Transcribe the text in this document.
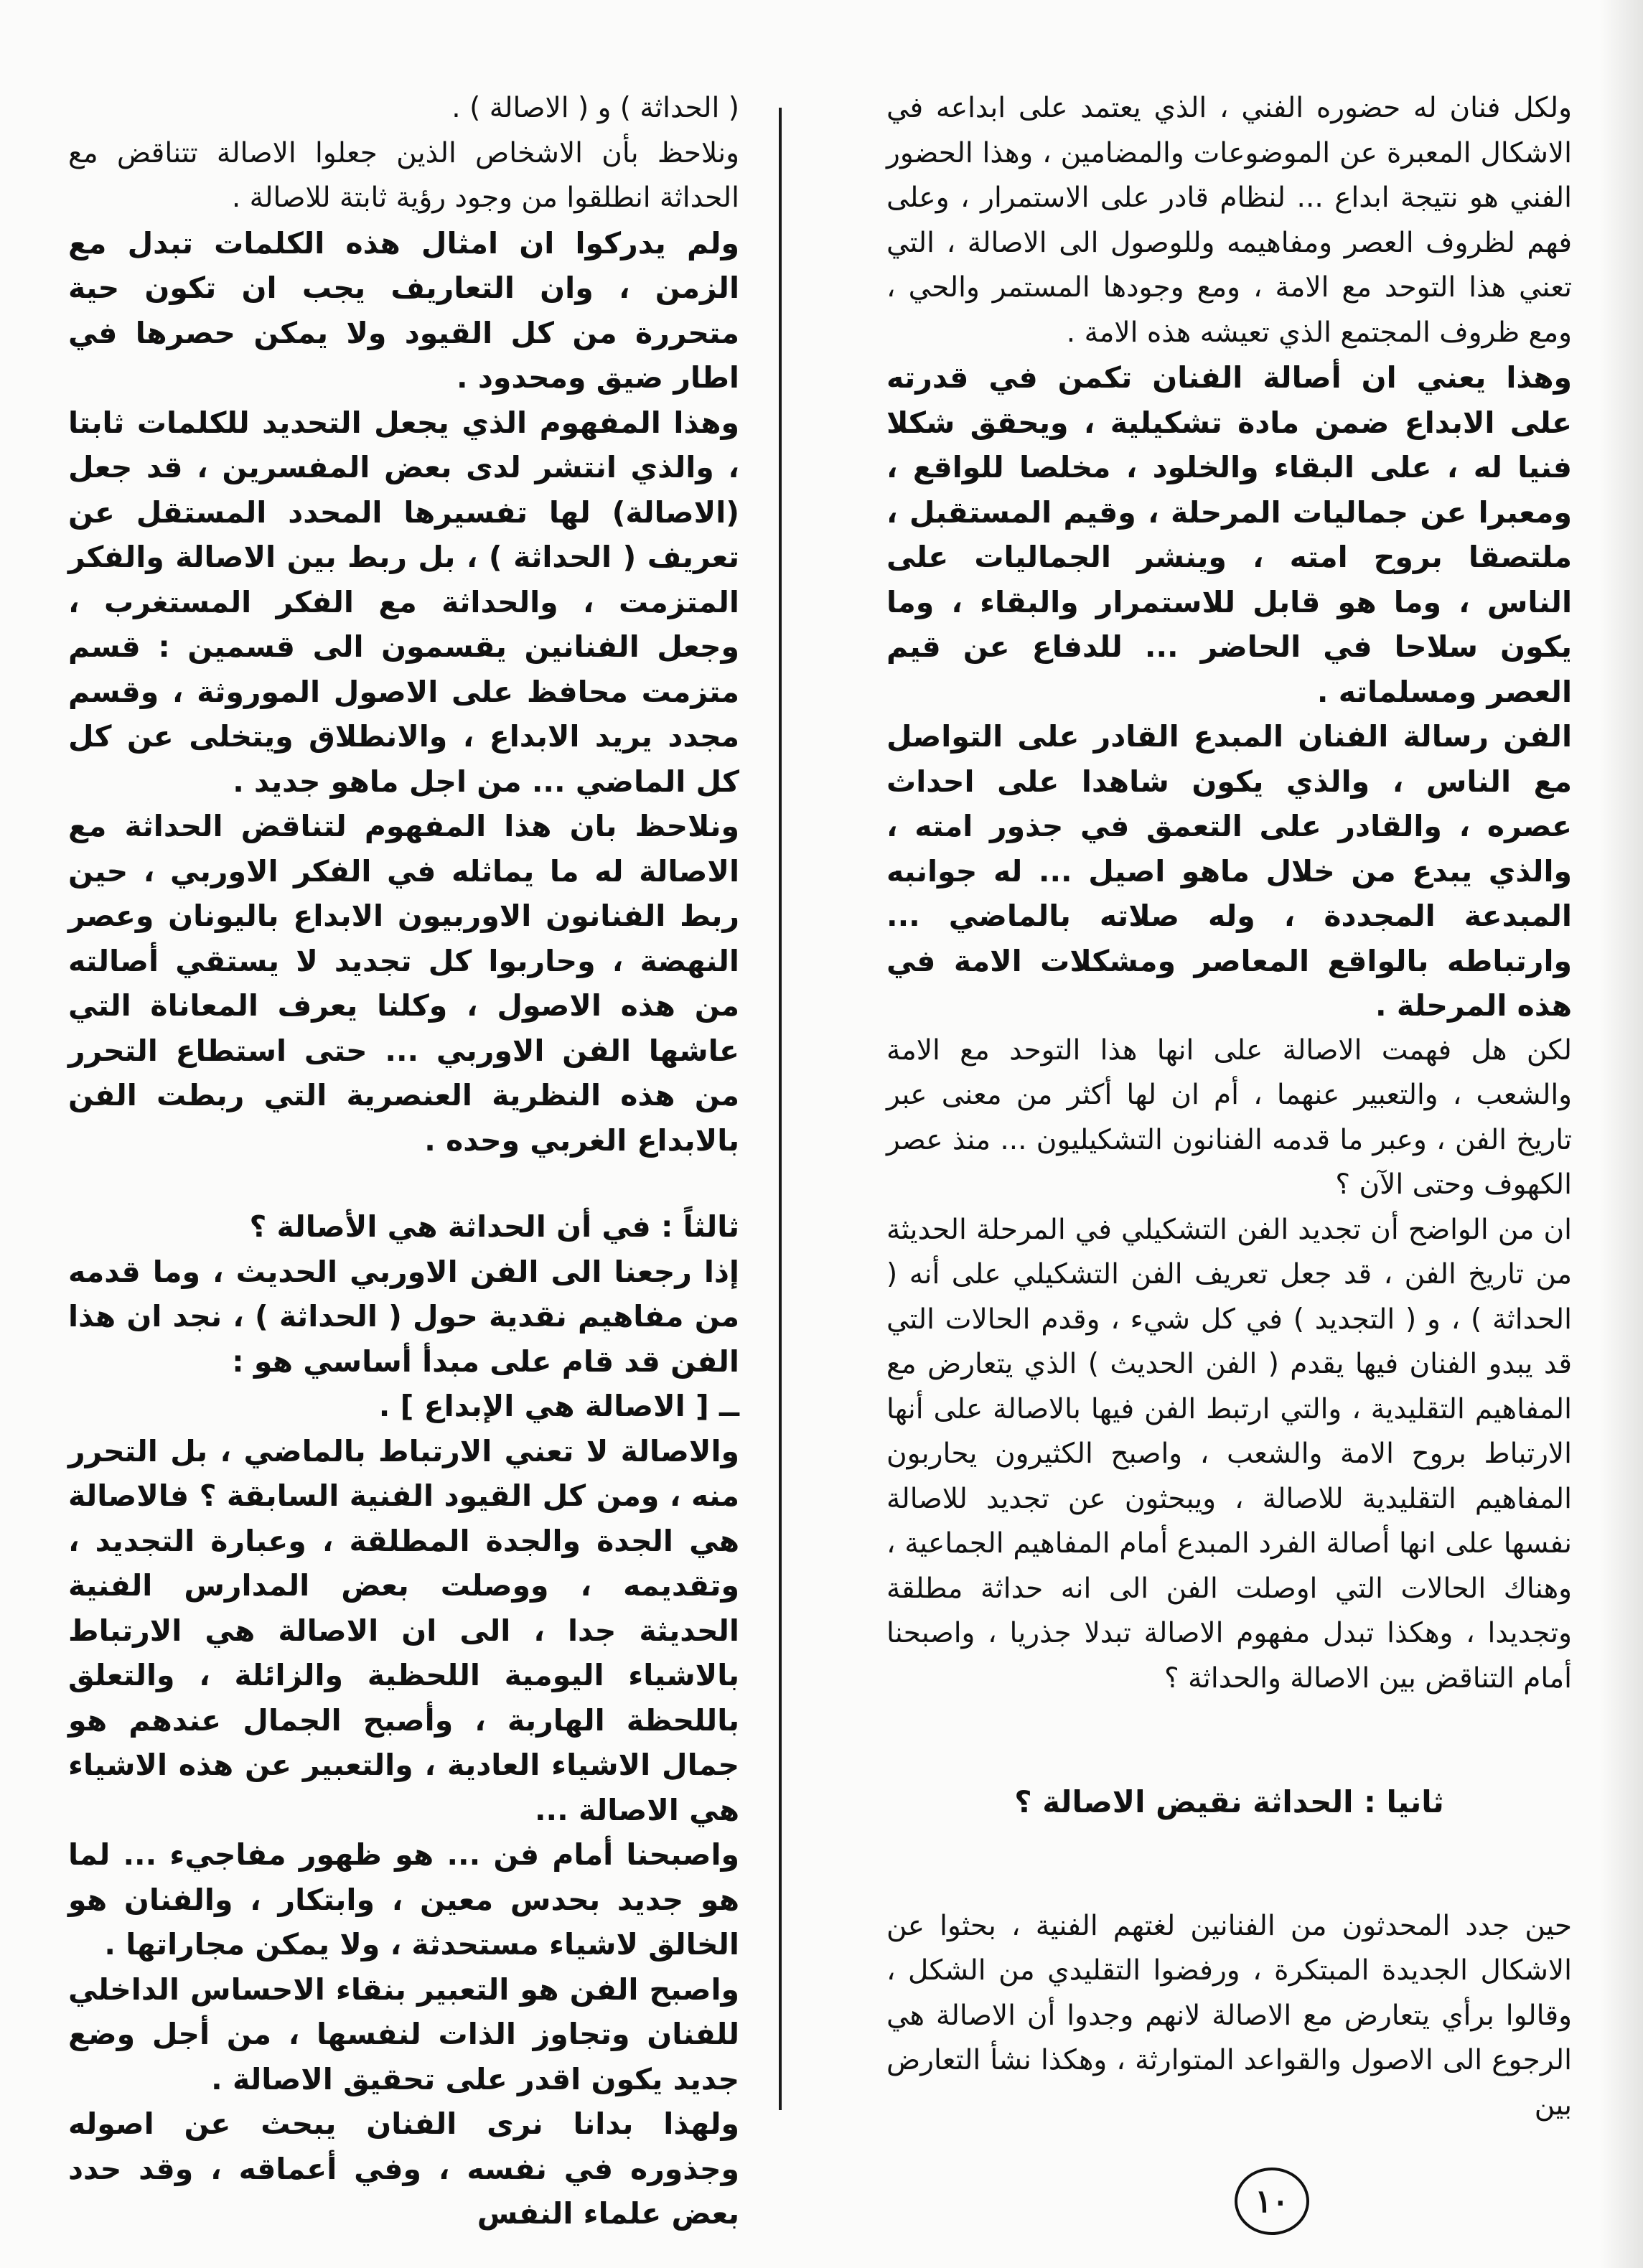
ولكل فنان له حضوره الفني ، الذي يعتمد على ابداعه في الاشكال المعبرة عن الموضوعات والمضامين ، وهذا الحضور الفني هو نتيجة ابداع ... لنظام قادر على الاستمرار ، وعلى فهم لظروف العصر ومفاهيمه وللوصول الى الاصالة ، التي تعني هذا التوحد مع الامة ، ومع وجودها المستمر والحي ، ومع ظروف المجتمع الذي تعيشه هذه الامة .

وهذا يعني ان أصالة الفنان تكمن في قدرته على الابداع ضمن مادة تشكيلية ، ويحقق شكلا فنيا له ، على البقاء والخلود ، مخلصا للواقع ، ومعبرا عن جماليات المرحلة ، وقيم المستقبل ، ملتصقا بروح امته ، وينشر الجماليات على الناس ، وما هو قابل للاستمرار والبقاء ، وما يكون سلاحا في الحاضر ... للدفاع عن قيم العصر ومسلماته .

الفن رسالة الفنان المبدع القادر على التواصل مع الناس ، والذي يكون شاهدا على احداث عصره ، والقادر على التعمق في جذور امته ، والذي يبدع من خلال ماهو اصيل ... له جوانبه المبدعة المجددة ، وله صلاته بالماضي ... وارتباطه بالواقع المعاصر ومشكلات الامة في هذه المرحلة .

لكن هل فهمت الاصالة على انها هذا التوحد مع الامة والشعب ، والتعبير عنهما ، أم ان لها أكثر من معنى عبر تاريخ الفن ، وعبر ما قدمه الفنانون التشكيليون ... منذ عصر الكهوف وحتى الآن ؟

ان من الواضح أن تجديد الفن التشكيلي في المرحلة الحديثة من تاريخ الفن ، قد جعل تعريف الفن التشكيلي على أنه ( الحداثة ) ، و ( التجديد ) في كل شيء ، وقدم الحالات التي قد يبدو الفنان فيها يقدم ( الفن الحديث ) الذي يتعارض مع المفاهيم التقليدية ، والتي ارتبط الفن فيها بالاصالة على أنها الارتباط بروح الامة والشعب ، واصبح الكثيرون يحاربون المفاهيم التقليدية للاصالة ، ويبحثون عن تجديد للاصالة نفسها على انها أصالة الفرد المبدع أمام المفاهيم الجماعية ، وهناك الحالات التي اوصلت الفن الى انه حداثة مطلقة وتجديدا ، وهكذا تبدل مفهوم الاصالة تبدلا جذريا ، واصبحنا أمام التناقض بين الاصالة والحداثة ؟

ثانيا : الحداثة نقيض الاصالة ؟

حين جدد المحدثون من الفنانين لغتهم الفنية ، بحثوا عن الاشكال الجديدة المبتكرة ، ورفضوا التقليدي من الشكل ، وقالوا برأي يتعارض مع الاصالة لانهم وجدوا أن الاصالة هي الرجوع الى الاصول والقواعد المتوارثة ، وهكذا نشأ التعارض بين

( الحداثة ) و ( الاصالة ) .

ونلاحظ بأن الاشخاص الذين جعلوا الاصالة تتناقض مع الحداثة انطلقوا من وجود رؤية ثابتة للاصالة .

ولم يدركوا ان امثال هذه الكلمات تبدل مع الزمن ، وان التعاريف يجب ان تكون حية متحررة من كل القيود ولا يمكن حصرها في اطار ضيق ومحدود .

وهذا المفهوم الذي يجعل التحديد للكلمات ثابتا ، والذي انتشر لدى بعض المفسرين ، قد جعل (الاصالة) لها تفسيرها المحدد المستقل عن تعريف ( الحداثة ) ، بل ربط بين الاصالة والفكر المتزمت ، والحداثة مع الفكر المستغرب ، وجعل الفنانين يقسمون الى قسمين : قسم متزمت محافظ على الاصول الموروثة ، وقسم مجدد يريد الابداع ، والانطلاق ويتخلى عن كل كل الماضي ... من اجل ماهو جديد .

ونلاحظ بان هذا المفهوم لتناقض الحداثة مع الاصالة له ما يماثله في الفكر الاوربي ، حين ربط الفنانون الاوربيون الابداع باليونان وعصر النهضة ، وحاربوا كل تجديد لا يستقي أصالته من هذه الاصول ، وكلنا يعرف المعاناة التي عاشها الفن الاوربي ... حتى استطاع التحرر من هذه النظرية العنصرية التي ربطت الفن بالابداع الغربي وحده .

ثالثاً : في أن الحداثة هي الأصالة ؟

إذا رجعنا الى الفن الاوربي الحديث ، وما قدمه من مفاهيم نقدية حول ( الحداثة ) ، نجد ان هذا الفن قد قام على مبدأ أساسي هو :

ــ [ الاصالة هي الإبداع ] .

والاصالة لا تعني الارتباط بالماضي ، بل التحرر منه ، ومن كل القيود الفنية السابقة ؟ فالاصالة هي الجدة والجدة المطلقة ، وعبارة التجديد ، وتقديمه ، ووصلت بعض المدارس الفنية الحديثة جدا ، الى ان الاصالة هي الارتباط بالاشياء اليومية اللحظية والزائلة ، والتعلق باللحظة الهاربة ، وأصبح الجمال عندهم هو جمال الاشياء العادية ، والتعبير عن هذه الاشياء هي الاصالة ...

واصبحنا أمام فن ... هو ظهور مفاجيء ... لما هو جديد بحدس معين ، وابتكار ، والفنان هو الخالق لاشياء مستحدثة ، ولا يمكن مجاراتها .

واصبح الفن هو التعبير بنقاء الاحساس الداخلي للفنان وتجاوز الذات لنفسها ، من أجل وضع جديد يكون اقدر على تحقيق الاصالة .

ولهذا بدانا نرى الفنان يبحث عن اصوله وجذوره في نفسه ، وفي أعماقه ، وقد حدد بعض علماء النفس	١٠
